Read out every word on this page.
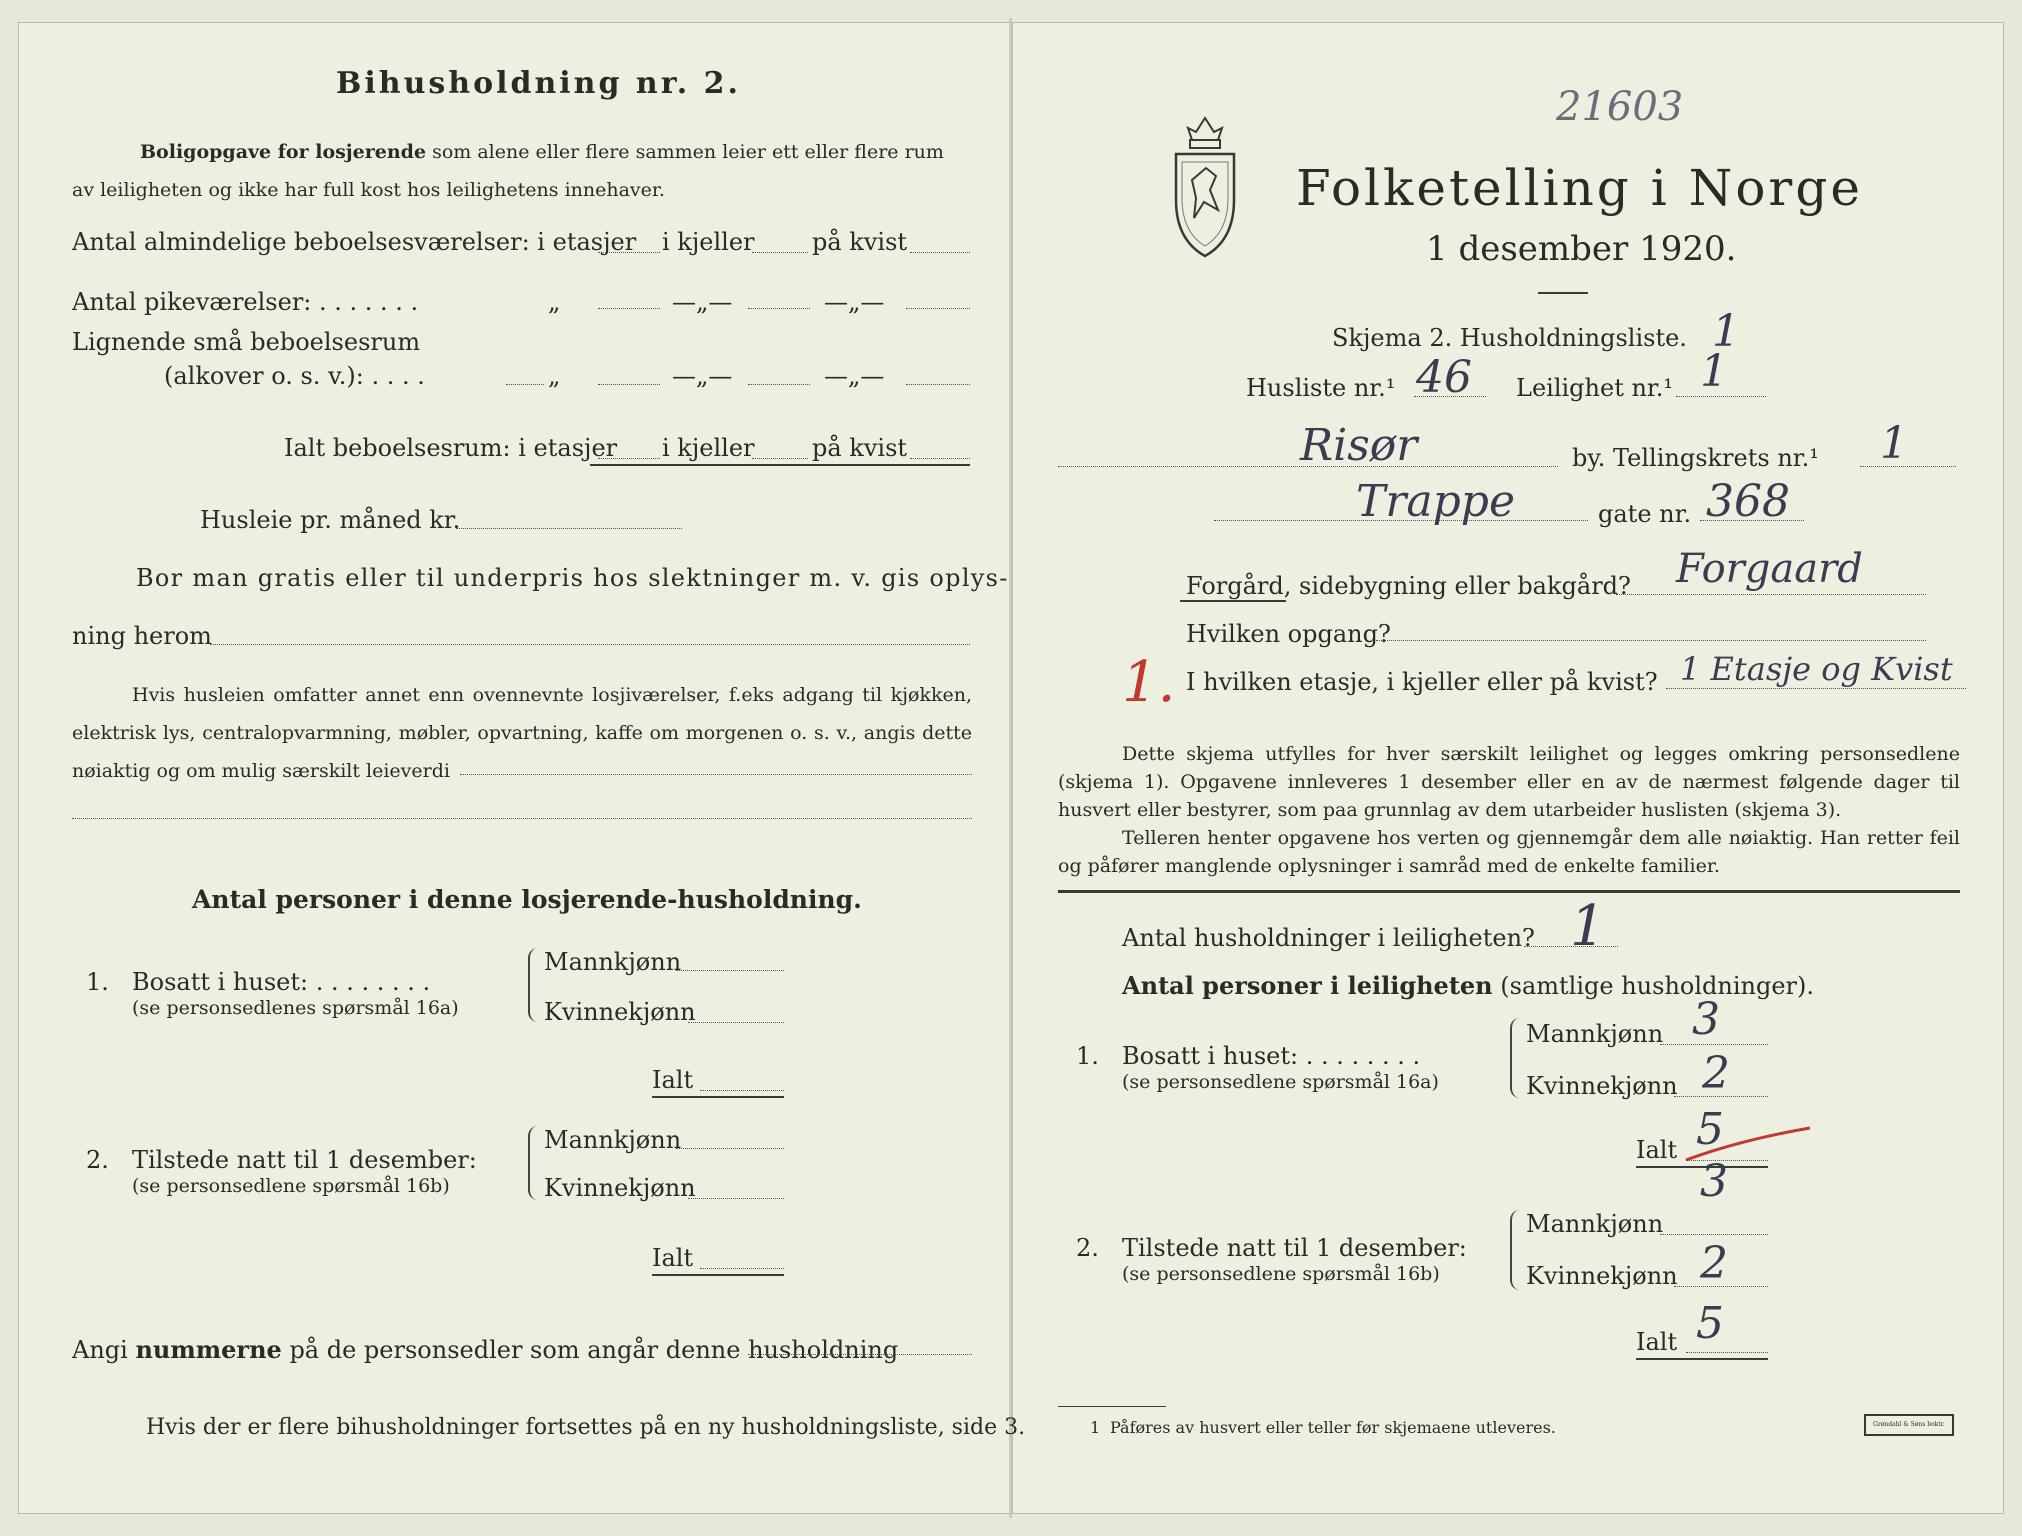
Bihusholdning nr. 2.
Boligopgave for losjerende som alene eller flere sammen leier ett eller flere rum
av leiligheten og ikke har full kost hos leilighetens innehaver.
Antal almindelige beboelsesværelser: i etasjer i kjeller på kvist
Antal pikeværelser: . . . . . . .	„	—„—	—„—
Lignende små beboelsesrum
(alkover o. s. v.): . . . .	„	—„—	—„—
Ialt beboelsesrum: i etasjer i kjeller på kvist
Husleie pr. måned kr.
Bor man gratis eller til underpris hos slektninger m. v. gis oplys-
ning herom
Hvis husleien omfatter annet enn ovennevnte losjiværelser, f.eks adgang til kjøkken, elektrisk lys, centralopvarmning, møbler, opvartning, kaffe om morgenen o. s. v., angis dette nøiaktig og om mulig særskilt leieverdi
Antal personer i denne losjerende-husholdning.
1. Bosatt i huset: . . . . . . . .
(se personsedlenes spørsmål 16a)
Mannkjønn
Kvinnekjønn
Ialt
2. Tilstede natt til 1 desember:
(se personsedlene spørsmål 16b)
Mannkjønn
Kvinnekjønn
Ialt
Angi nummerne på de personsedler som angår denne husholdning
Hvis der er flere bihusholdninger fortsettes på en ny husholdningsliste, side 3.
21603
Folketelling i Norge
1 desember 1920.
Skjema 2. Husholdningsliste. 1
Husliste nr.¹ 46 Leilighet nr.¹ 1
Risør	by. Tellingskrets nr.¹ 1
Trappe	gate nr. 368
Forgård, sidebygning eller bakgård? Forgaard
Hvilken opgang?
1. I hvilken etasje, i kjeller eller på kvist? 1 Etasje og Kvist
Dette skjema utfylles for hver særskilt leilighet og legges omkring personsedlene (skjema 1). Opgavene innleveres 1 desember eller en av de nærmest følgende dager til husvert eller bestyrer, som paa grunnlag av dem utarbeider huslisten (skjema 3).
Telleren henter opgavene hos verten og gjennemgår dem alle nøiaktig. Han retter feil og påfører manglende oplysninger i samråd med de enkelte familier.
Antal husholdninger i leiligheten? 1
Antal personer i leiligheten (samtlige husholdninger).
1. Bosatt i huset: . . . . . . . .
(se personsedlene spørsmål 16a)
Mannkjønn 3
Kvinnekjønn 2
Ialt 5
3
2. Tilstede natt til 1 desember:
(se personsedlene spørsmål 16b)
Mannkjønn
Kvinnekjønn 2
Ialt 5
1 Påføres av husvert eller teller før skjemaene utleveres.	Grøndahl & Søns boktr.
